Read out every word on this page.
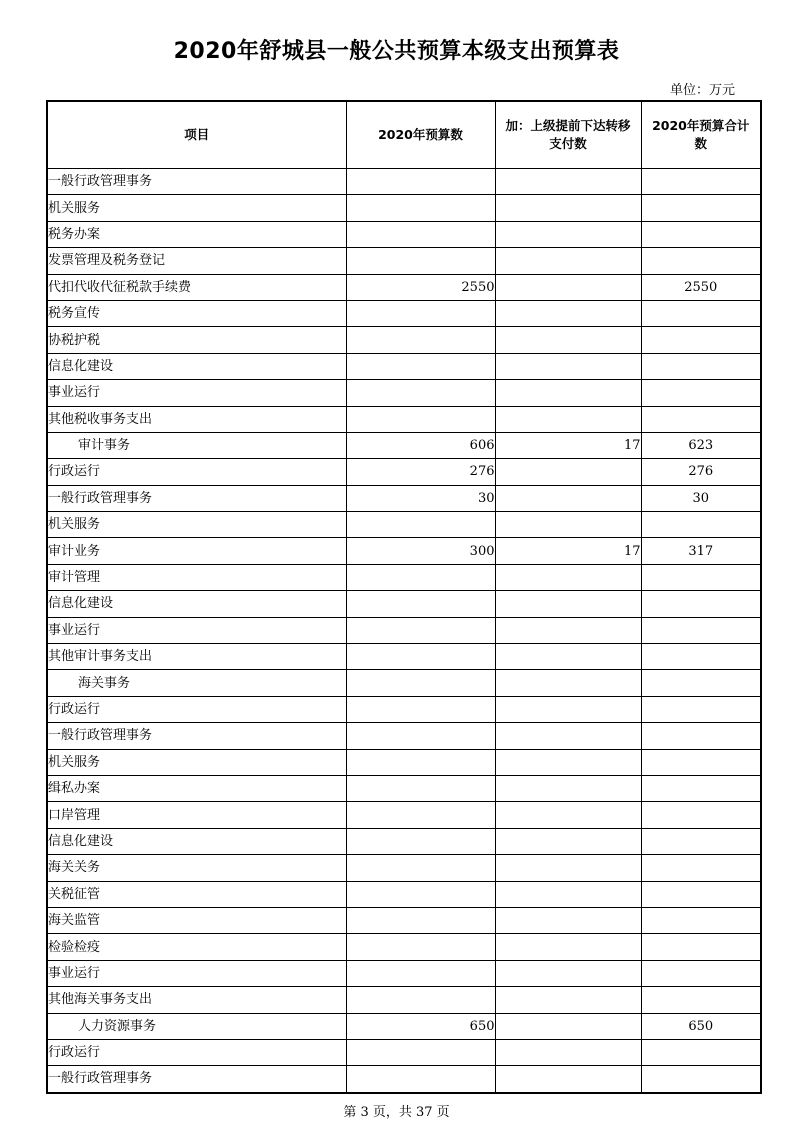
2020年舒城县一般公共预算本级支出预算表
单位：万元
项目	2020年预算数	加：上级提前下达转移支付数	2020年预算合计数
一般行政管理事务			
机关服务			
税务办案			
发票管理及税务登记			
代扣代收代征税款手续费	2550		2550
税务宣传			
协税护税			
信息化建设			
事业运行			
其他税收事务支出			
审计事务	606	17	623
行政运行	276		276
一般行政管理事务	30		30
机关服务			
审计业务	300	17	317
审计管理			
信息化建设			
事业运行			
其他审计事务支出			
海关事务			
行政运行			
一般行政管理事务			
机关服务			
缉私办案			
口岸管理			
信息化建设			
海关关务			
关税征管			
海关监管			
检验检疫			
事业运行			
其他海关事务支出			
人力资源事务	650		650
行政运行			
一般行政管理事务			
第 3 页，共 37 页
